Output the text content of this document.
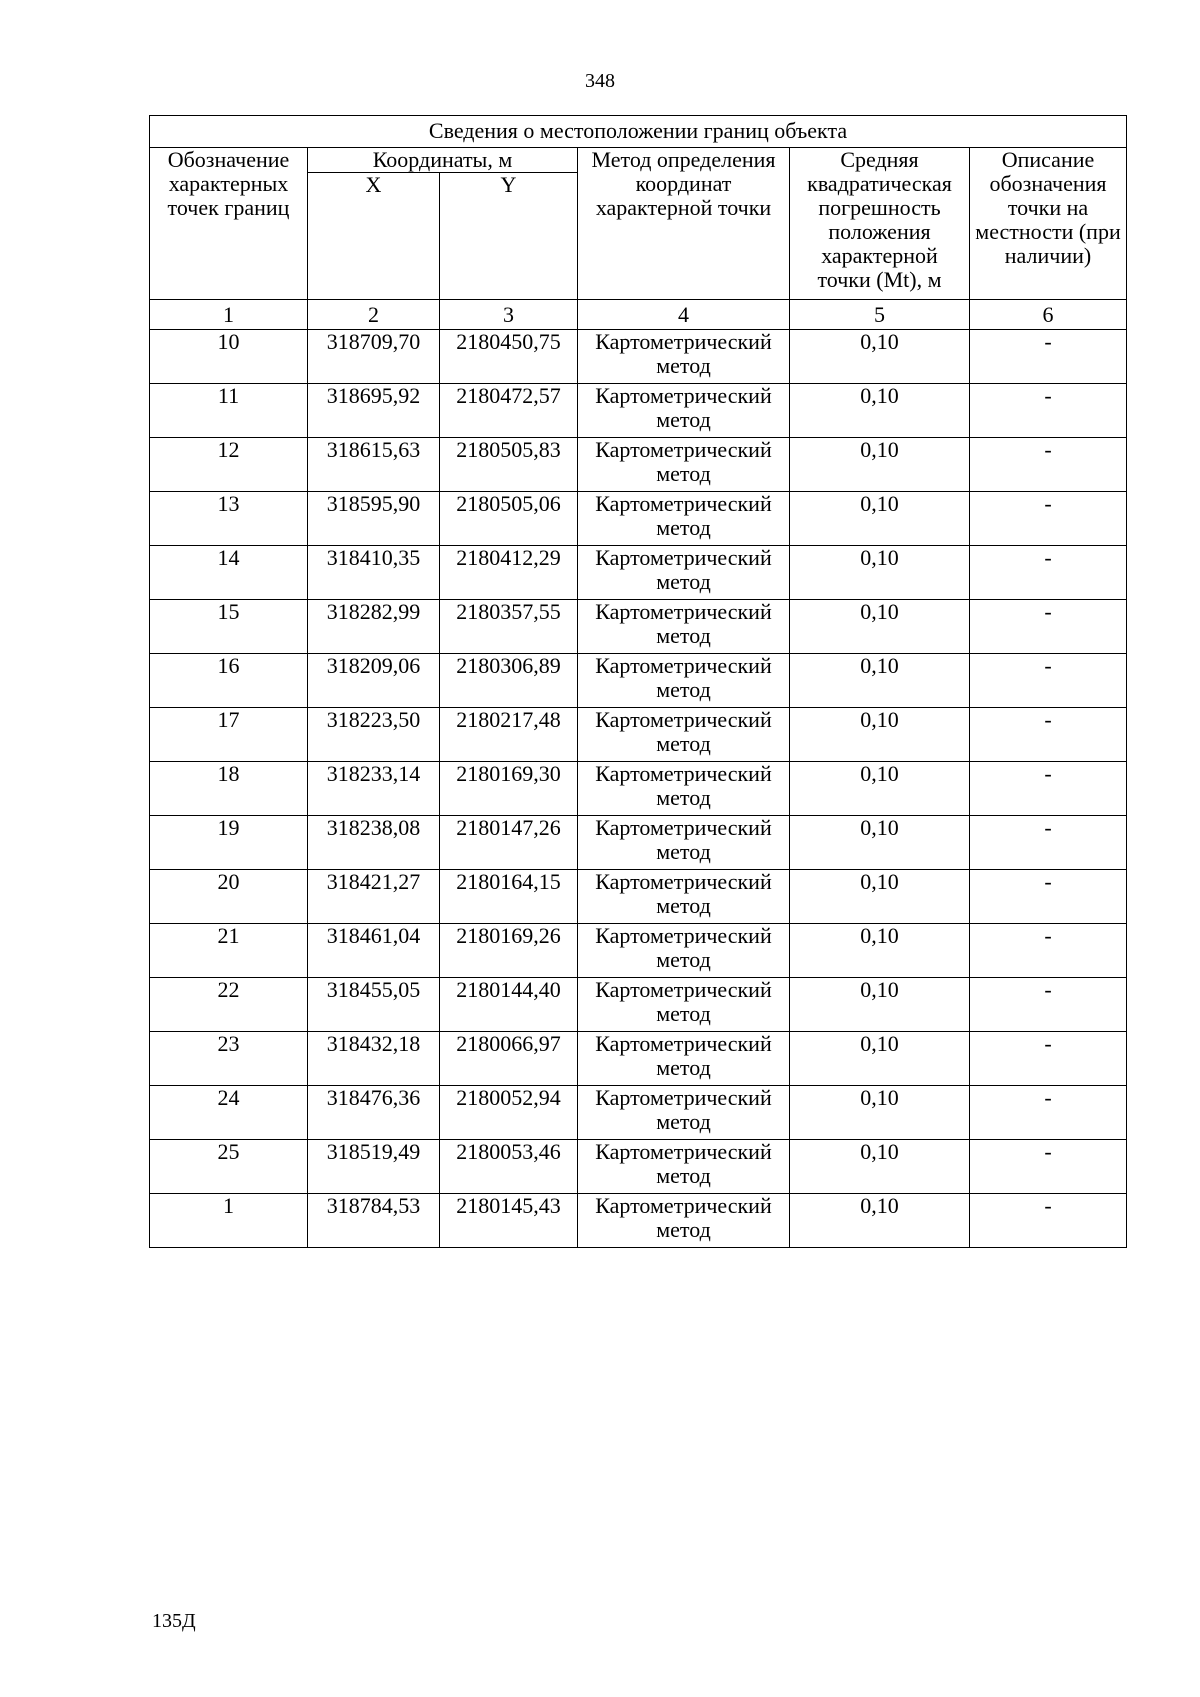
348
Сведения о местоположении границ объекта					
Обозначение характерных точек границ	Координаты, м		Метод определения координат характерной точки	Средняя квадратическая погрешность положения характерной точки (Mt), м	Описание обозначения точки на местности (при наличии)
	X	Y			
1	2	3	4	5	6
10	318709,70	2180450,75	Картометрический метод	0,10	-
11	318695,92	2180472,57	Картометрический метод	0,10	-
12	318615,63	2180505,83	Картометрический метод	0,10	-
13	318595,90	2180505,06	Картометрический метод	0,10	-
14	318410,35	2180412,29	Картометрический метод	0,10	-
15	318282,99	2180357,55	Картометрический метод	0,10	-
16	318209,06	2180306,89	Картометрический метод	0,10	-
17	318223,50	2180217,48	Картометрический метод	0,10	-
18	318233,14	2180169,30	Картометрический метод	0,10	-
19	318238,08	2180147,26	Картометрический метод	0,10	-
20	318421,27	2180164,15	Картометрический метод	0,10	-
21	318461,04	2180169,26	Картометрический метод	0,10	-
22	318455,05	2180144,40	Картометрический метод	0,10	-
23	318432,18	2180066,97	Картометрический метод	0,10	-
24	318476,36	2180052,94	Картометрический метод	0,10	-
25	318519,49	2180053,46	Картометрический метод	0,10	-
1	318784,53	2180145,43	Картометрический метод	0,10	-
135Д
